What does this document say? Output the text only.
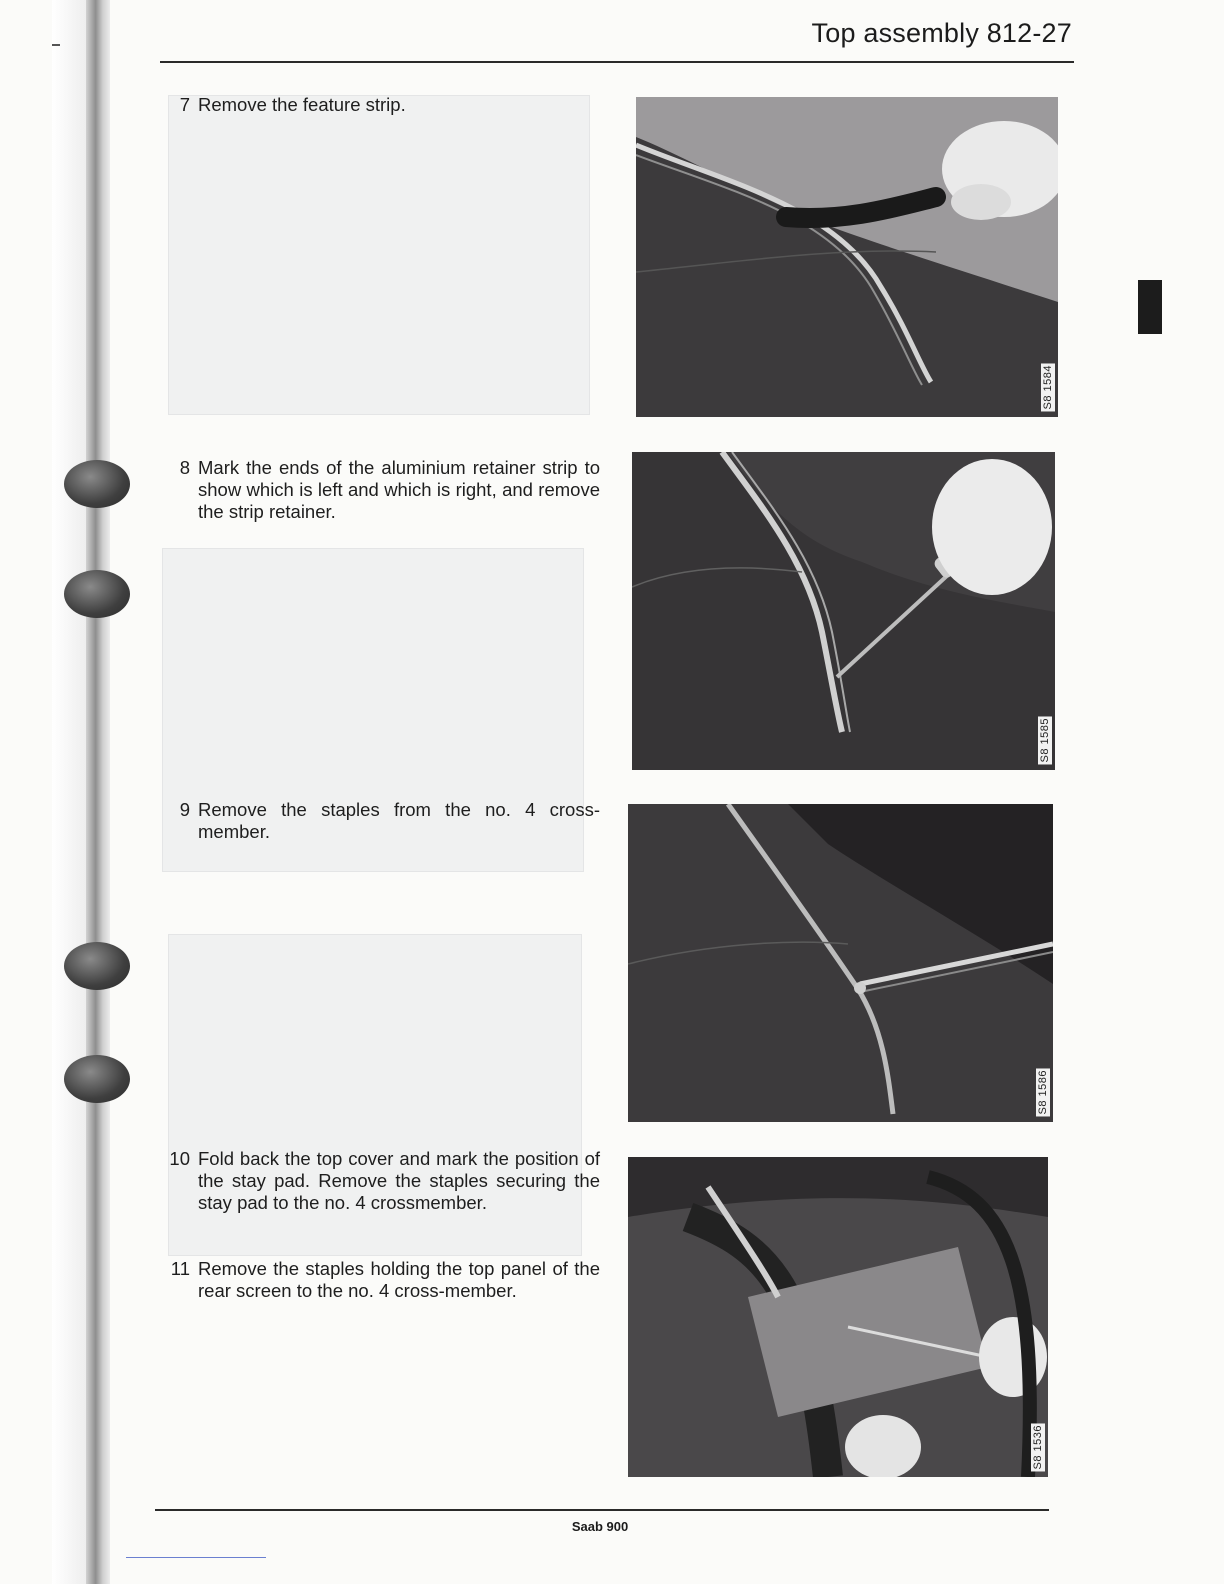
Top assembly 812-27
7 Remove the feature strip.
8 Mark the ends of the aluminium retainer strip to show which is left and which is right, and remove the strip retainer.
9 Remove the staples from the no. 4 cross-member.
10 Fold back the top cover and mark the position of the stay pad. Remove the staples securing the stay pad to the no. 4 crossmember.
11 Remove the staples holding the top panel of the rear screen to the no. 4 cross-member.
S8 1584
S8 1585
S8 1586
S8 1536
Saab 900
